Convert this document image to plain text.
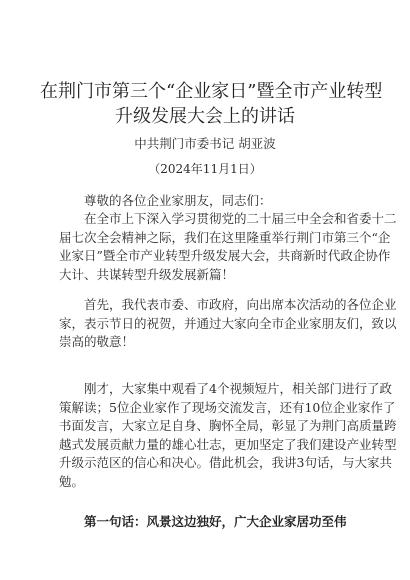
在荆门市第三个“企业家日”暨全市产业转型
升级发展大会上的讲话
中共荆门市委书记 胡亚波
（2024年11月1日）
尊敬的各位企业家朋友，同志们：
在全市上下深入学习贯彻党的二十届三中全会和省委十二
届七次全会精神之际，我们在这里隆重举行荆门市第三个“企
业家日”暨全市产业转型升级发展大会，共商新时代政企协作
大计、共谋转型升级发展新篇！
首先，我代表市委、市政府，向出席本次活动的各位企业
家，表示节日的祝贺，并通过大家向全市企业家朋友们，致以
崇高的敬意！
刚才，大家集中观看了4个视频短片，相关部门进行了政
策解读；5位企业家作了现场交流发言，还有10位企业家作了
书面发言，大家立足自身、胸怀全局，彰显了为荆门高质量跨
越式发展贡献力量的雄心壮志，更加坚定了我们建设产业转型
升级示范区的信心和决心。借此机会，我讲3句话，与大家共
勉。
第一句话：风景这边独好，广大企业家居功至伟
